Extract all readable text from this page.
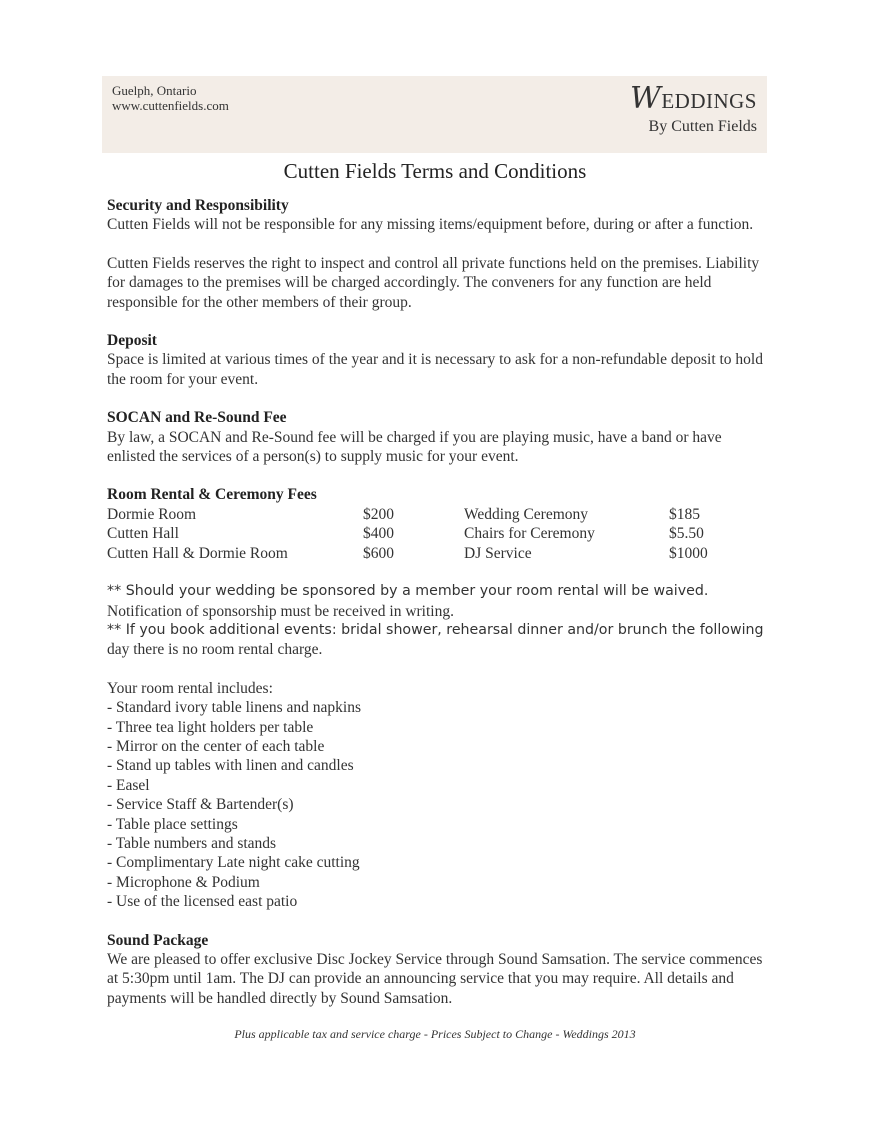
Guelph, Ontario
www.cuttenfields.com	WEDDINGS
By Cutten Fields
Cutten Fields Terms and Conditions
Security and Responsibility

Cutten Fields will not be responsible for any missing items/equipment before, during or after a function.

Cutten Fields reserves the right to inspect and control all private functions held on the premises. Liability for damages to the premises will be charged accordingly. The conveners for any function are held responsible for the other members of their group.

Deposit

Space is limited at various times of the year and it is necessary to ask for a non-refundable deposit to hold the room for your event.

SOCAN and Re-Sound Fee

By law, a SOCAN and Re-Sound fee will be charged if you are playing music, have a band or have enlisted the services of a person(s) to supply music for your event.

Room Rental & Ceremony Fees
Dormie Room	$200	Wedding Ceremony	$185
Cutten Hall	$400	Chairs for Ceremony	$5.50
Cutten Hall & Dormie Room	$600	DJ Service	$1000

** Should your wedding be sponsored by a member your room rental will be waived.

Notification of sponsorship must be received in writing.

** If you book additional events: bridal shower, rehearsal dinner and/or brunch the following

day there is no room rental charge.

Your room rental includes:

- Standard ivory table linens and napkins
- Three tea light holders per table
- Mirror on the center of each table
- Stand up tables with linen and candles
- Easel
- Service Staff & Bartender(s)
- Table place settings
- Table numbers and stands
- Complimentary Late night cake cutting
- Microphone & Podium
- Use of the licensed east patio
Sound Package

We are pleased to offer exclusive Disc Jockey Service through Sound Samsation. The service commences at 5:30pm until 1am. The DJ can provide an announcing service that you may require. All details and payments will be handled directly by Sound Samsation.

Plus applicable tax and service charge - Prices Subject to Change - Weddings 2013
